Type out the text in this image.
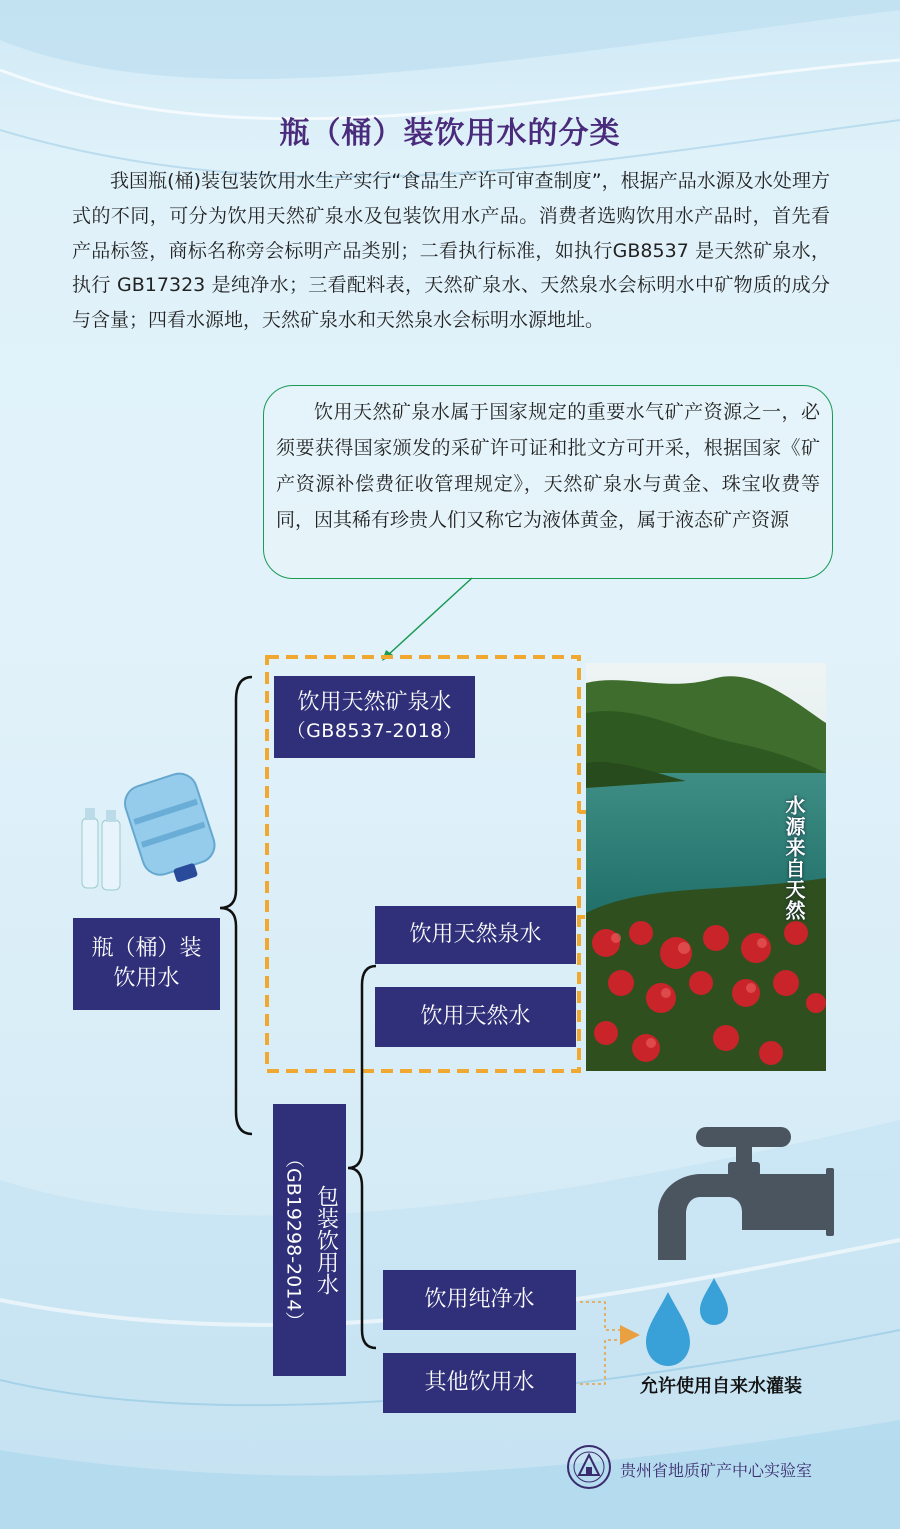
瓶（桶）装饮用水的分类

我国瓶(桶)装包装饮用水生产实行“食品生产许可审查制度”，根据产品水源及水处理方式的不同，可分为饮用天然矿泉水及包装饮用水产品。消费者选购饮用水产品时，首先看产品标签，商标名称旁会标明产品类别；二看执行标准，如执行GB8537 是天然矿泉水，执行 GB17323 是纯净水；三看配料表，天然矿泉水、天然泉水会标明水中矿物质的成分与含量；四看水源地，天然矿泉水和天然泉水会标明水源地址。

饮用天然矿泉水属于国家规定的重要水气矿产资源之一，必须要获得国家颁发的采矿许可证和批文方可开采，根据国家《矿产资源补偿费征收管理规定》，天然矿泉水与黄金、珠宝收费等同，因其稀有珍贵人们又称它为液体黄金，属于液态矿产资源

瓶（桶）装
饮用水
饮用天然矿泉水
（GB8537-2018）
饮用天然泉水
饮用天然水
包装饮用水
（GB19298-2014）	饮用纯净水
其他饮用水
水源来自天然
允许使用自来水灌装
贵州省地质矿产中心实验室
